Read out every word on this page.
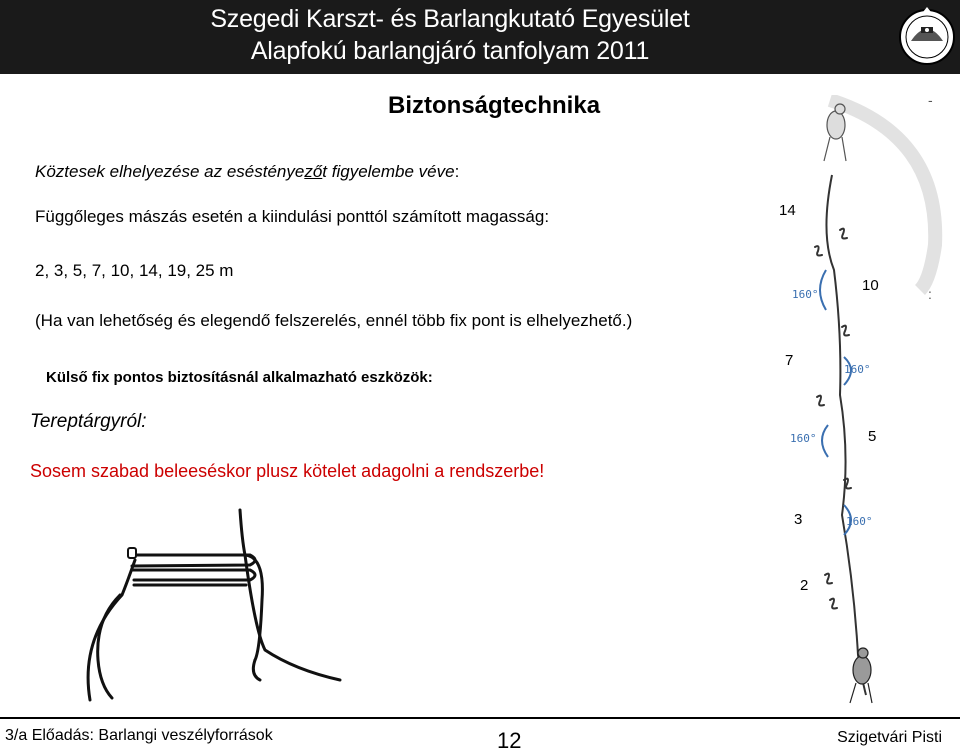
Szegedi Karszt- és Barlangkutató Egyesület
Alapfokú barlangjáró tanfolyam 2011
Biztonságtechnika
Köztesek elhelyezése az eséstényezőt figyelembe véve:
Függőleges mászás esetén a kiindulási ponttól számított magasság:
2, 3, 5, 7, 10, 14, 19, 25 m
(Ha van lehetőség és elegendő felszerelés, ennél több fix pont is elhelyezhető.)
Külső fix pontos biztosításnál alkalmazható eszközök:
Tereptárgyról:
Sosem szabad beleeséskor plusz kötelet adagolni a rendszerbe!
160°
160°
160°
160°
14
10
7
5
3
2
-
:
3/a Előadás: Barlangi veszélyforrások	12	Szigetvári Pisti
